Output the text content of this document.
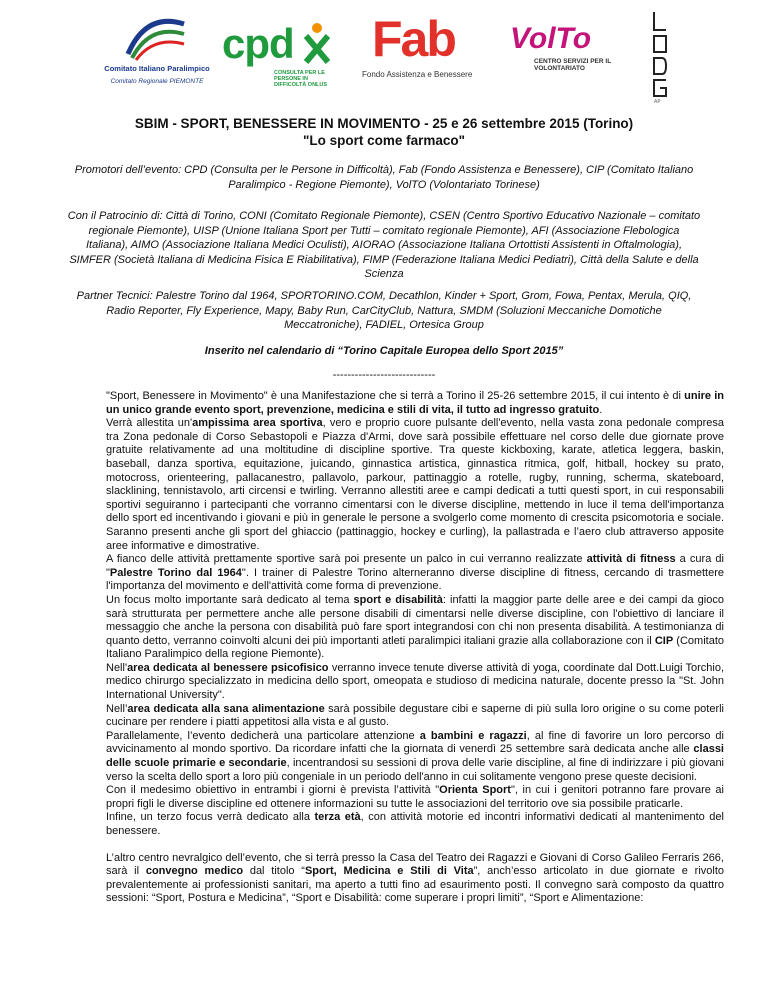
Comitato Italiano Paralimpico
Comitato Regionale PIEMONTE
cpd
CONSULTA PER LE PERSONE IN DIFFICOLTÀ ONLUS
Fab
Fondo Assistenza e Benessere
VolTo
CENTRO SERVIZI PER IL VOLONTARIATO
AP
SBIM - SPORT, BENESSERE IN MOVIMENTO - 25 e 26 settembre 2015 (Torino)
"Lo sport come farmaco"
Promotori dell’evento: CPD (Consulta per le Persone in Difficoltà), Fab (Fondo Assistenza e Benessere), CIP (Comitato Italiano Paralimpico - Regione Piemonte), VolTO (Volontariato Torinese)
Con il Patrocinio di: Città di Torino, CONI (Comitato Regionale Piemonte), CSEN (Centro Sportivo Educativo Nazionale – comitato regionale Piemonte), UISP (Unione Italiana Sport per Tutti – comitato regionale Piemonte), AFI (Associazione Flebologica Italiana), AIMO (Associazione Italiana Medici Oculisti), AIORAO (Associazione Italiana Ortottisti Assistenti in Oftalmologia), SIMFER (Società Italiana di Medicina Fisica E Riabilitativa), FIMP (Federazione Italiana Medici Pediatri), Città della Salute e della Scienza
Partner Tecnici: Palestre Torino dal 1964, SPORTORINO.COM, Decathlon, Kinder + Sport, Grom, Fowa, Pentax, Merula, QIQ, Radio Reporter, Fly Experience, Mapy, Baby Run, CarCityClub, Nattura, SMDM (Soluzioni Meccaniche Domotiche Meccatroniche), FADIEL, Ortesica Group
Inserito nel calendario di “Torino Capitale Europea dello Sport 2015”
----------------------------

"Sport, Benessere in Movimento" è una Manifestazione che si terrà a Torino il 25-26 settembre 2015, il cui intento è di unire in un unico grande evento sport, prevenzione, medicina e stili di vita, il tutto ad ingresso gratuito.

Verrà allestita un'ampissima area sportiva, vero e proprio cuore pulsante dell'evento, nella vasta zona pedonale compresa tra Zona pedonale di Corso Sebastopoli e Piazza d'Armi, dove sarà possibile effettuare nel corso delle due giornate prove gratuite relativamente ad una moltitudine di discipline sportive. Tra queste kickboxing, karate, atletica leggera, baskin, baseball, danza sportiva, equitazione, juicando, ginnastica artistica, ginnastica ritmica, golf, hitball, hockey su prato, motocross, orienteering, pallacanestro, pallavolo, parkour, pattinaggio a rotelle, rugby, running, scherma, skateboard, slacklining, tennistavolo, arti circensi e twirling. Verranno allestiti aree e campi dedicati a tutti questi sport, in cui responsabili sportivi seguiranno i partecipanti che vorranno cimentarsi con le diverse discipline, mettendo in luce il tema dell'importanza dello sport ed incentivando i giovani e più in generale le persone a svolgerlo come momento di crescita psicomotoria e sociale. Saranno presenti anche gli sport del ghiaccio (pattinaggio, hockey e curling), la pallastrada e l’aero club attraverso apposite aree informative e dimostrative.

A fianco delle attività prettamente sportive sarà poi presente un palco in cui verranno realizzate attività di fitness a cura di "Palestre Torino dal 1964". I trainer di Palestre Torino alterneranno diverse discipline di fitness, cercando di trasmettere l'importanza del movimento e dell'attività come forma di prevenzione.

Un focus molto importante sarà dedicato al tema sport e disabilità: infatti la maggior parte delle aree e dei campi da gioco sarà strutturata per permettere anche alle persone disabili di cimentarsi nelle diverse discipline, con l'obiettivo di lanciare il messaggio che anche la persona con disabilità può fare sport integrandosi con chi non presenta disabilità. A testimonianza di quanto detto, verranno coinvolti alcuni dei più importanti atleti paralimpici italiani grazie alla collaborazione con il CIP (Comitato Italiano Paralimpico della regione Piemonte).

Nell'area dedicata al benessere psicofisico verranno invece tenute diverse attività di yoga, coordinate dal Dott.Luigi Torchio, medico chirurgo specializzato in medicina dello sport, omeopata e studioso di medicina naturale, docente presso la "St. John International University".

Nell’area dedicata alla sana alimentazione sarà possibile degustare cibi e saperne di più sulla loro origine o su come poterli cucinare per rendere i piatti appetitosi alla vista e al gusto.

Parallelamente, l’evento dedicherà una particolare attenzione a bambini e ragazzi, al fine di favorire un loro percorso di avvicinamento al mondo sportivo. Da ricordare infatti che la giornata di venerdì 25 settembre sarà dedicata anche alle classi delle scuole primarie e secondarie, incentrandosi su sessioni di prova delle varie discipline, al fine di indirizzare i più giovani verso la scelta dello sport a loro più congeniale in un periodo dell'anno in cui solitamente vengono prese queste decisioni.

Con il medesimo obiettivo in entrambi i giorni è prevista l’attività "Orienta Sport", in cui i genitori potranno fare provare ai propri figli le diverse discipline ed ottenere informazioni su tutte le associazioni del territorio ove sia possibile praticarle.

Infine, un terzo focus verrà dedicato alla terza età, con attività motorie ed incontri informativi dedicati al mantenimento del benessere.

L’altro centro nevralgico dell’evento, che si terrà presso la Casa del Teatro dei Ragazzi e Giovani di Corso Galileo Ferraris 266, sarà il convegno medico dal titolo “Sport, Medicina e Stili di Vita”, anch’esso articolato in due giornate e rivolto prevalentemente ai professionisti sanitari, ma aperto a tutti fino ad esaurimento posti. Il convegno sarà composto da quattro sessioni: “Sport, Postura e Medicina”, “Sport e Disabilità: come superare i propri limiti”, “Sport e Alimentazione:
